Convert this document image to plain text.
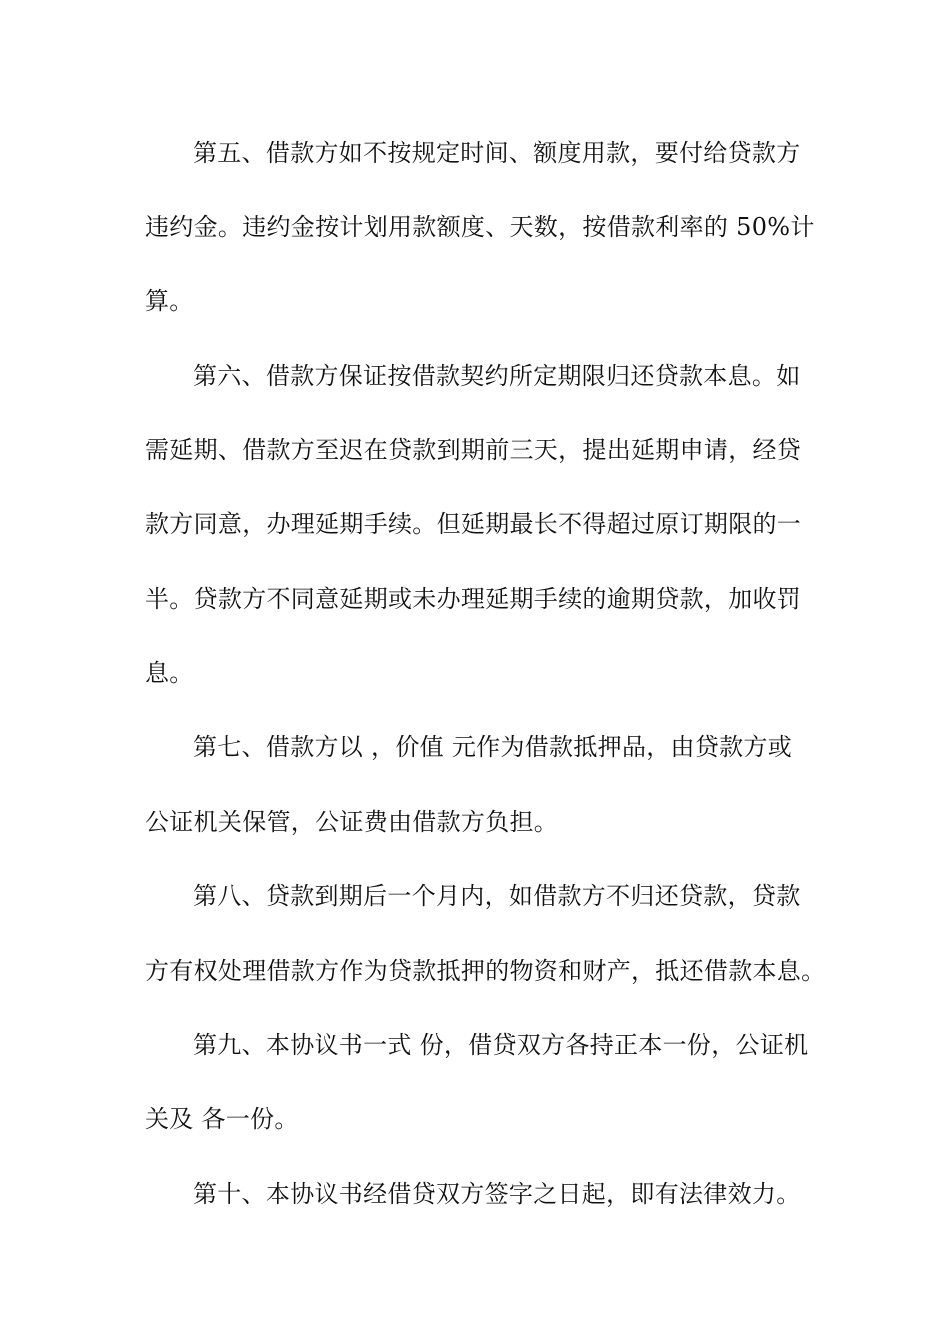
第五、借款方如不按规定时间、额度用款，要付给贷款方
违约金。违约金按计划用款额度、天数，按借款利率的 50%计
算。
第六、借款方保证按借款契约所定期限归还贷款本息。如
需延期、借款方至迟在贷款到期前三天，提出延期申请，经贷
款方同意，办理延期手续。但延期最长不得超过原订期限的一
半。贷款方不同意延期或未办理延期手续的逾期贷款，加收罚
息。
第七、借款方以 ，价值 元作为借款抵押品，由贷款方或
公证机关保管，公证费由借款方负担。
第八、贷款到期后一个月内，如借款方不归还贷款，贷款
方有权处理借款方作为贷款抵押的物资和财产，抵还借款本息。
第九、本协议书一式 份，借贷双方各持正本一份，公证机
关及 各一份。
第十、本协议书经借贷双方签字之日起，即有法律效力。
